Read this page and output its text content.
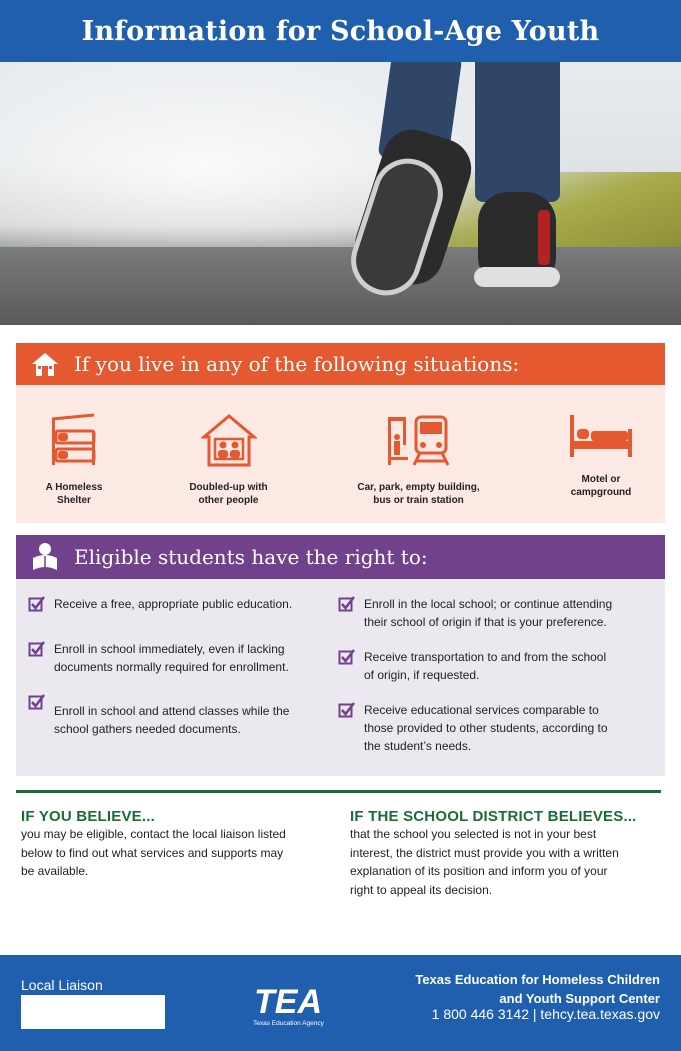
Information for School-Age Youth
If you live in any of the following situations:
A Homeless
Shelter
Doubled-up with
other people
Car, park, empty building,
bus or train station
Motel or
campground
Eligible students have the right to:
Receive a free, appropriate public education.
Enroll in school immediately, even if lacking
documents normally required for enrollment.
Enroll in school and attend classes while the
school gathers needed documents.
Enroll in the local school; or continue attending
their school of origin if that is your preference.
Receive transportation to and from the school
of origin, if requested.
Receive educational services comparable to
those provided to other students, according to
the student’s needs.
IF YOU BELIEVE...

you may be eligible, contact the local liaison listed
below to find out what services and supports may
be available.

IF THE SCHOOL DISTRICT BELIEVES...

that the school you selected is not in your best
interest, the district must provide you with a written
explanation of its position and inform you of your
right to appeal its decision.

Local Liaison	TEA
Texas Education Agency
Texas Education for Homeless Children
and Youth Support Center
1 800 446 3142 | tehcy.tea.texas.gov
